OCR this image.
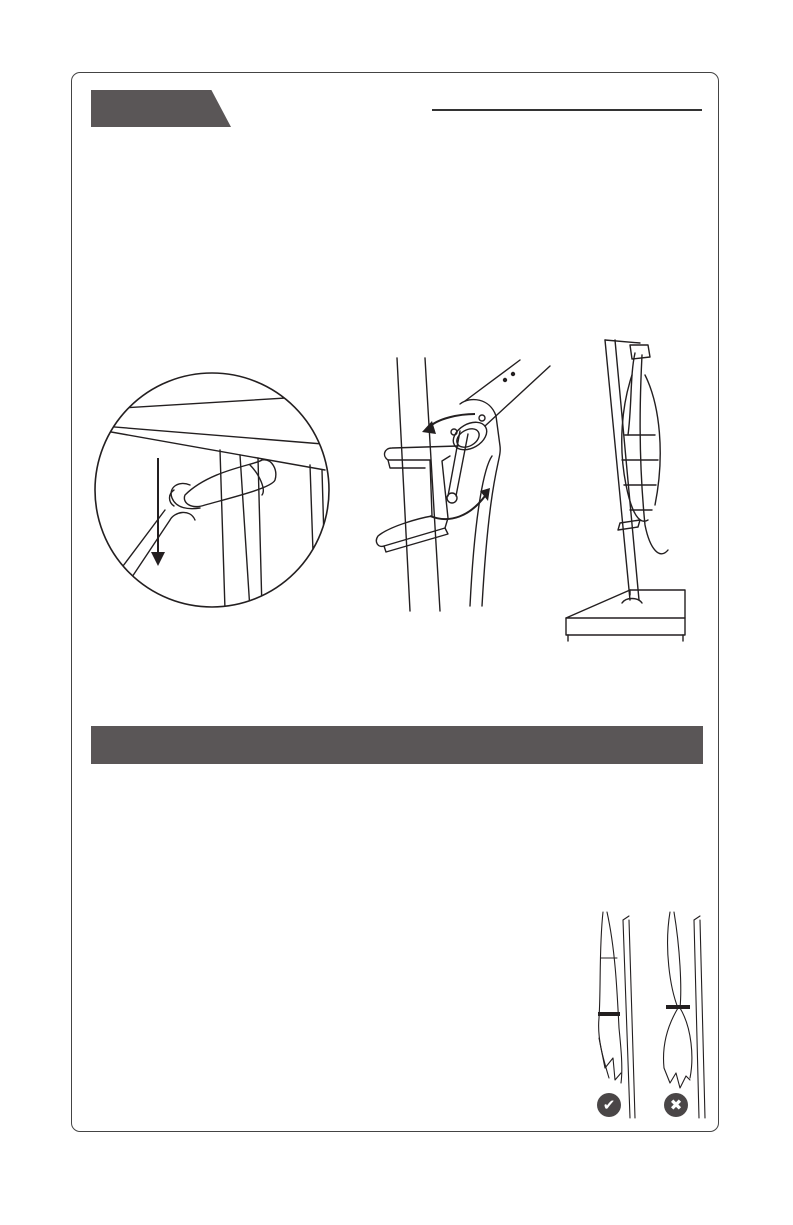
✔	✖
